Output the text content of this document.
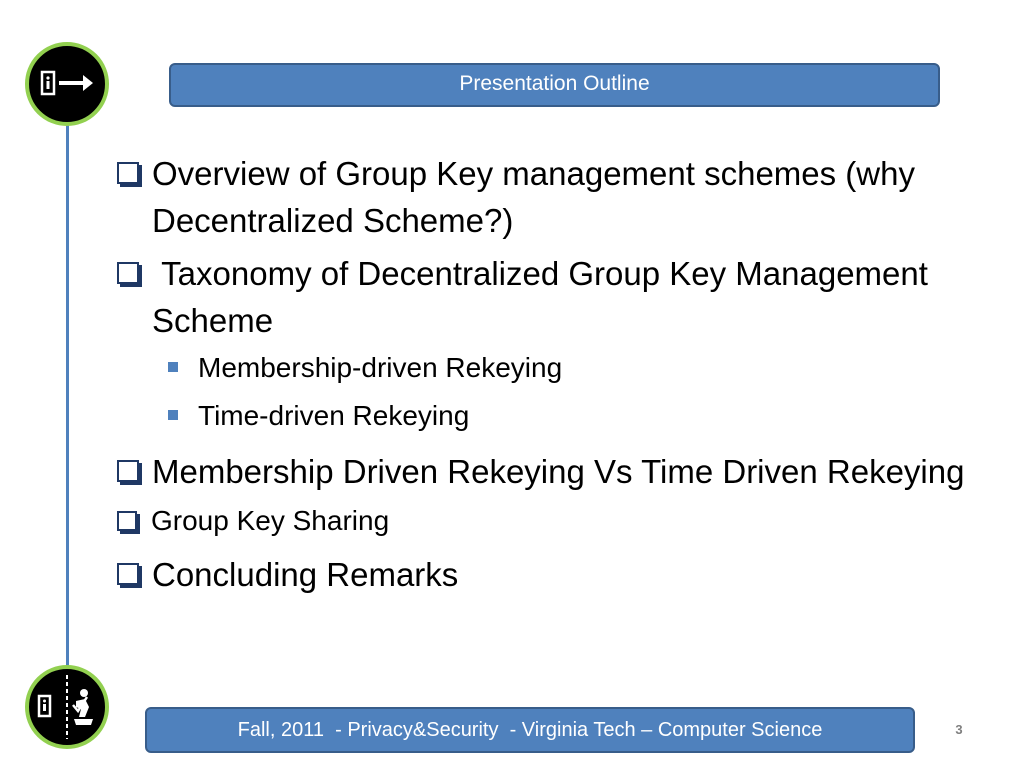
Presentation Outline
Overview of Group Key management schemes (why Decentralized Scheme?)
Taxonomy of Decentralized Group Key Management Scheme
Membership-driven Rekeying
Time-driven Rekeying
Membership Driven Rekeying Vs Time Driven Rekeying
Group Key Sharing
Concluding Remarks
Fall, 2011  - Privacy&Security  - Virginia Tech – Computer Science	3
